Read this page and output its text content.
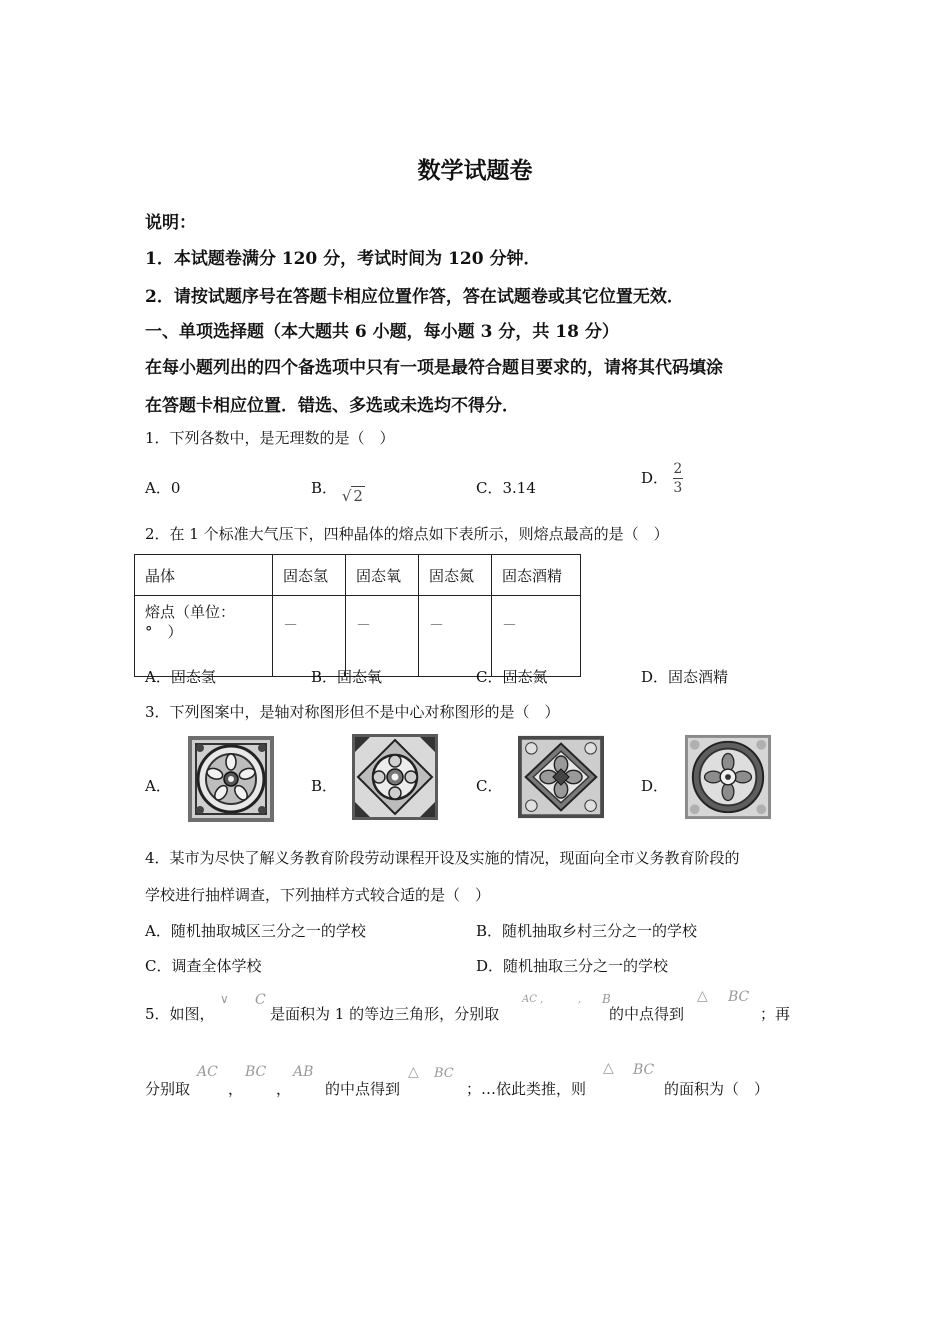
数学试题卷
说明：
1．本试题卷满分 120 分，考试时间为 120 分钟．
2．请按试题序号在答题卡相应位置作答，答在试题卷或其它位置无效．
一、单项选择题（本大题共 6 小题，每小题 3 分，共 18 分）
在每小题列出的四个备选项中只有一项是最符合题目要求的，请将其代码填涂
在答题卡相应位置．错选、多选或未选均不得分．
1．下列各数中，是无理数的是（　）
A．0	B． √ 2	C．3.14
D． $\frac{2}{3}$
2．在 1 个标准大气压下，四种晶体的熔点如下表所示，则熔点最高的是（　）
晶体	固态氢	固态氧	固态氮	固态酒精

熔点（单位：
°　）	－	－	－	－
A．固态氢	B．固态氧	C．固态氮	D．固态酒精
3．下列图案中，是轴对称图形但不是中心对称图形的是（　）
A．	B．	C．	D．
4．某市为尽快了解义务教育阶段劳动课程开设及实施的情况，现面向全市义务教育阶段的
学校进行抽样调查，下列抽样方式较合适的是（　）
A．随机抽取城区三分之一的学校	B．随机抽取乡村三分之一的学校
C．调查全体学校	D．随机抽取三分之一的学校
5．如图，
∨ C
是面积为 1 的等边三角形，分别取
AC ,	, B
的中点得到
△ BC
；再
分别取
AC
，
BC
，
AB
的中点得到
△ BC
；…依此类推，则
△ BC
的面积为（　）
